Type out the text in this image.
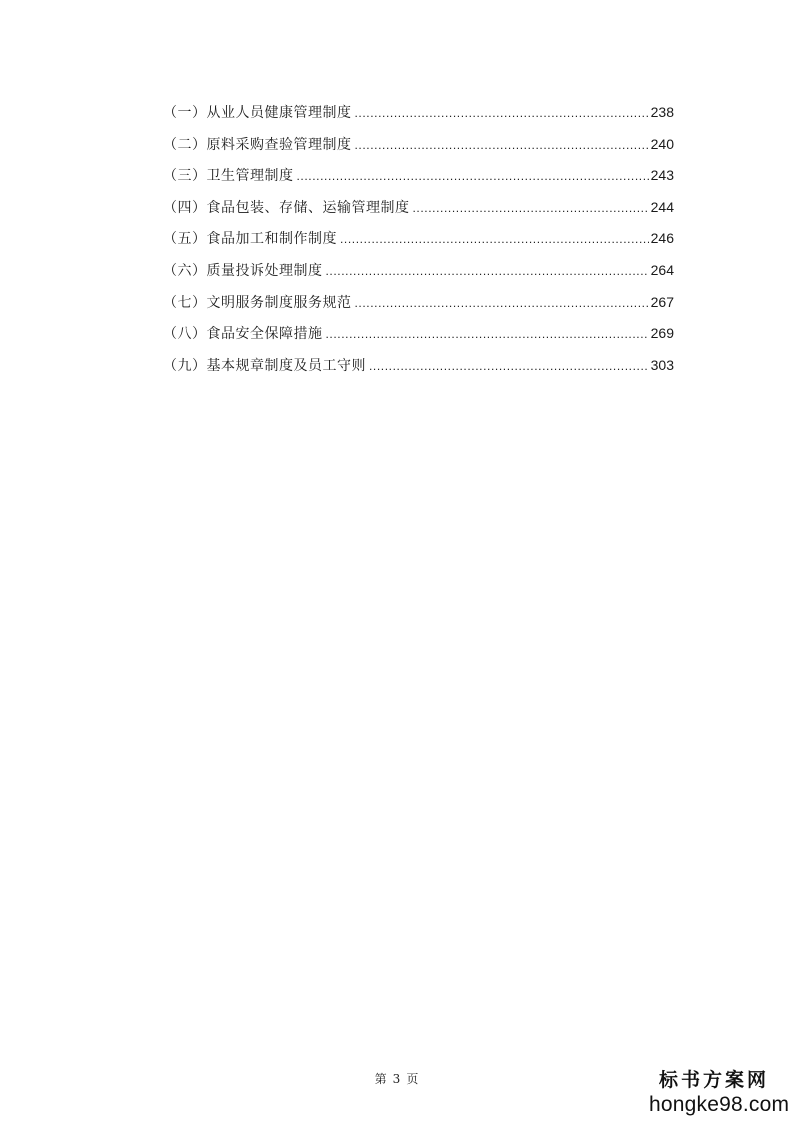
（一）从业人员健康管理制度 .....	238
（二）原料采购查验管理制度 .....	240
（三）卫生管理制度 .....	243
（四）食品包装、存储、运输管理制度 .....	244
（五）食品加工和制作制度 .....	246
（六）质量投诉处理制度 .....	264
（七）文明服务制度服务规范 .....	267
（八）食品安全保障措施 .....	269
（九）基本规章制度及员工守则 .....	303
第 3 页	标书方案网
hongke98.com
